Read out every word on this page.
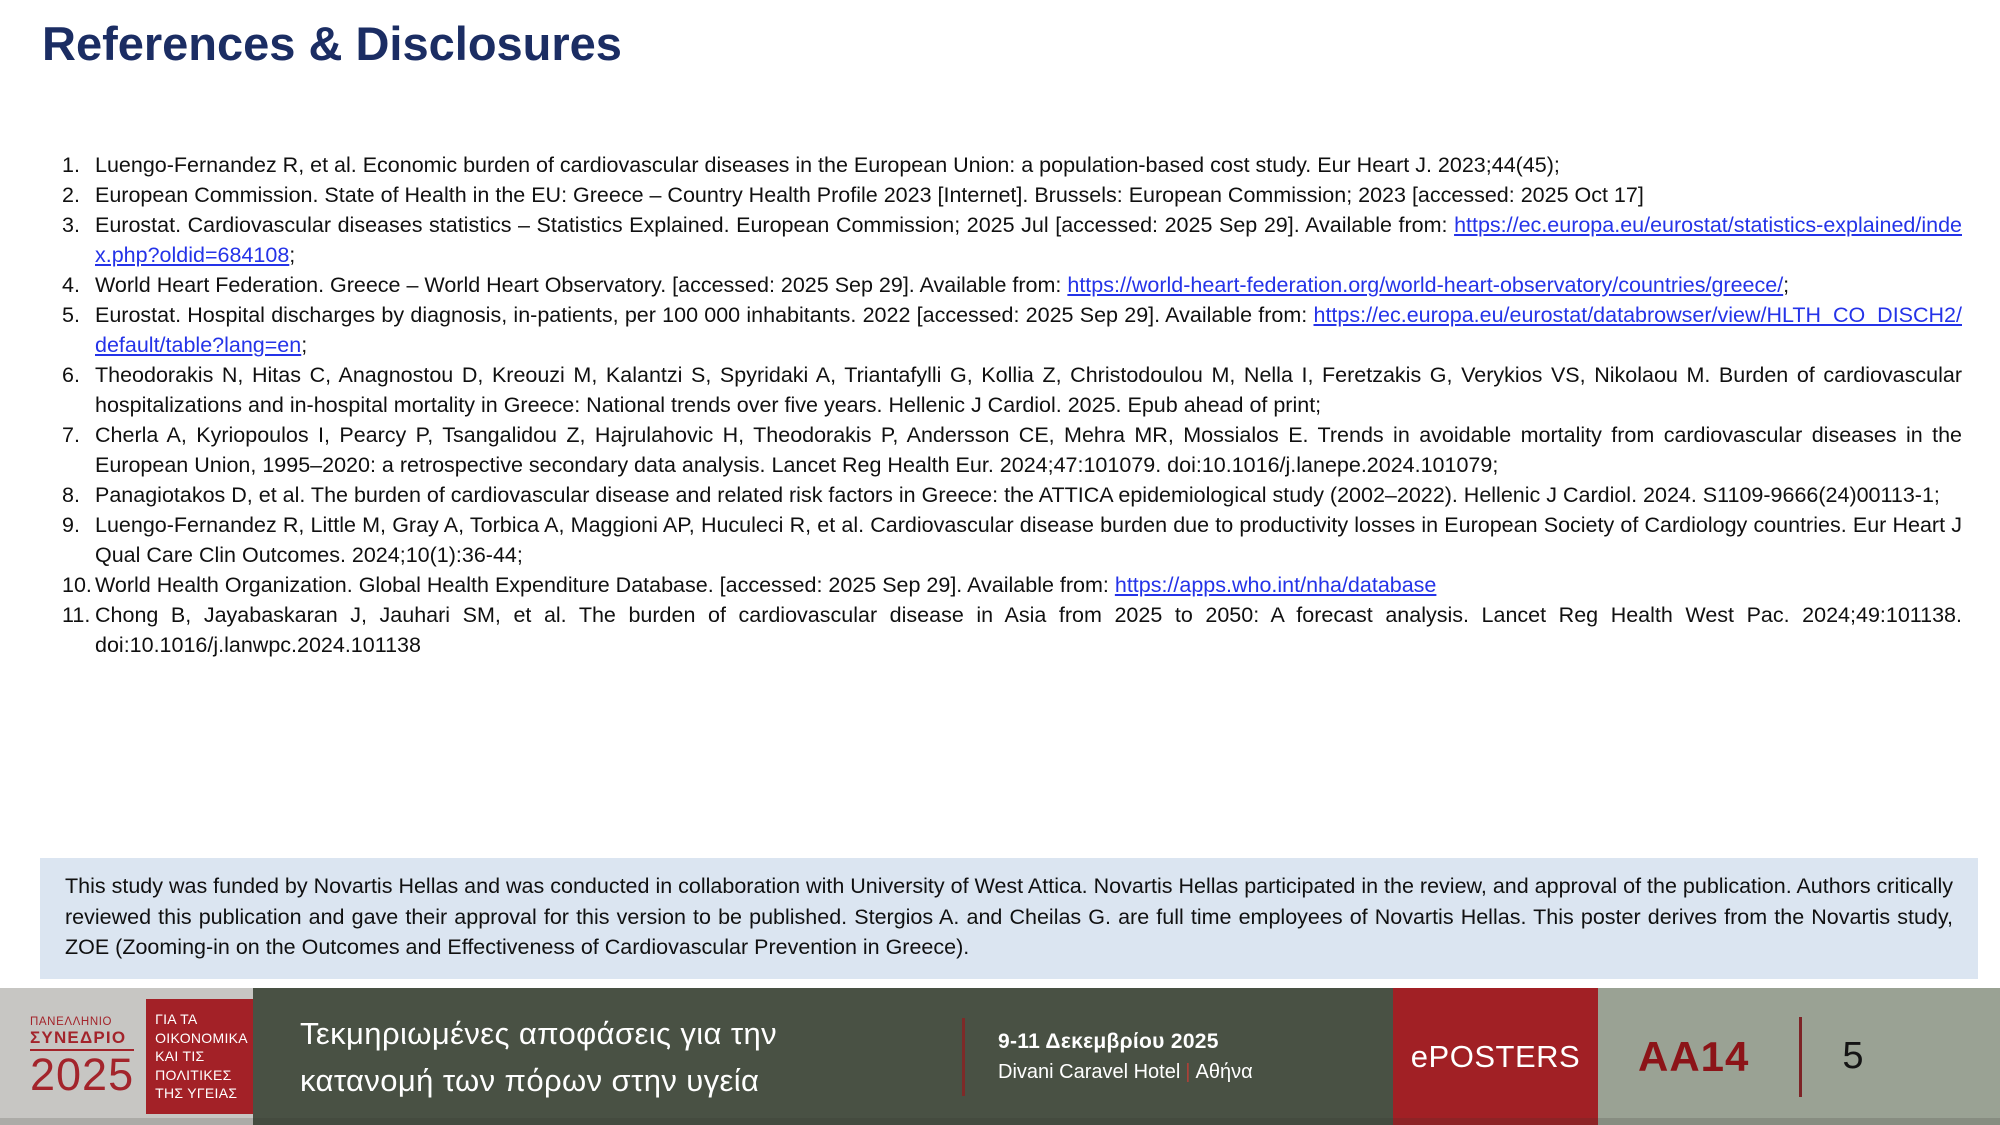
References & Disclosures
1. Luengo-Fernandez R, et al. Economic burden of cardiovascular diseases in the European Union: a population-based cost study. Eur Heart J. 2023;44(45);
2. European Commission. State of Health in the EU: Greece – Country Health Profile 2023 [Internet]. Brussels: European Commission; 2023 [accessed: 2025 Oct 17]
3. Eurostat. Cardiovascular diseases statistics – Statistics Explained. European Commission; 2025 Jul [accessed: 2025 Sep 29]. Available from: https://ec.europa.eu/eurostat/statistics-explained/index.php?oldid=684108;
4. World Heart Federation. Greece – World Heart Observatory. [accessed: 2025 Sep 29]. Available from: https://world-heart-federation.org/world-heart-observatory/countries/greece/;
5. Eurostat. Hospital discharges by diagnosis, in-patients, per 100 000 inhabitants. 2022 [accessed: 2025 Sep 29]. Available from: https://ec.europa.eu/eurostat/databrowser/view/HLTH_CO_DISCH2/default/table?lang=en;
6. Theodorakis N, Hitas C, Anagnostou D, Kreouzi M, Kalantzi S, Spyridaki A, Triantafylli G, Kollia Z, Christodoulou M, Nella I, Feretzakis G, Verykios VS, Nikolaou M. Burden of cardiovascular hospitalizations and in-hospital mortality in Greece: National trends over five years. Hellenic J Cardiol. 2025. Epub ahead of print;
7. Cherla A, Kyriopoulos I, Pearcy P, Tsangalidou Z, Hajrulahovic H, Theodorakis P, Andersson CE, Mehra MR, Mossialos E. Trends in avoidable mortality from cardiovascular diseases in the European Union, 1995–2020: a retrospective secondary data analysis. Lancet Reg Health Eur. 2024;47:101079. doi:10.1016/j.lanepe.2024.101079;
8. Panagiotakos D, et al. The burden of cardiovascular disease and related risk factors in Greece: the ATTICA epidemiological study (2002–2022). Hellenic J Cardiol. 2024. S1109-9666(24)00113-1;
9. Luengo-Fernandez R, Little M, Gray A, Torbica A, Maggioni AP, Huculeci R, et al. Cardiovascular disease burden due to productivity losses in European Society of Cardiology countries. Eur Heart J Qual Care Clin Outcomes. 2024;10(1):36-44;
10. World Health Organization. Global Health Expenditure Database. [accessed: 2025 Sep 29]. Available from: https://apps.who.int/nha/database
11. Chong B, Jayabaskaran J, Jauhari SM, et al. The burden of cardiovascular disease in Asia from 2025 to 2050: A forecast analysis. Lancet Reg Health West Pac. 2024;49:101138. doi:10.1016/j.lanwpc.2024.101138

This study was funded by Novartis Hellas and was conducted in collaboration with University of West Attica. Novartis Hellas participated in the review, and approval of the publication. Authors critically reviewed this publication and gave their approval for this version to be published. Stergios A. and Cheilas G. are full time employees of Novartis Hellas. This poster derives from the Novartis study, ZOE (Zooming-in on the Outcomes and Effectiveness of Cardiovascular Prevention in Greece).

ΠΑΝΕΛΛΗΝΙΟ
ΣΥΝΕΔΡΙΟ
2025
ΓΙΑ ΤΑ ΟΙΚΟΝΟΜΙΚΑ
ΚΑΙ ΤΙΣ ΠΟΛΙΤΙΚΕΣ
ΤΗΣ ΥΓΕΙΑΣ
Τεκμηριωμένες αποφάσεις για την
κατανομή των πόρων στην υγεία
9-11 Δεκεμβρίου 2025
Divani Caravel Hotel | Αθήνα	ePOSTERS AA14 5
